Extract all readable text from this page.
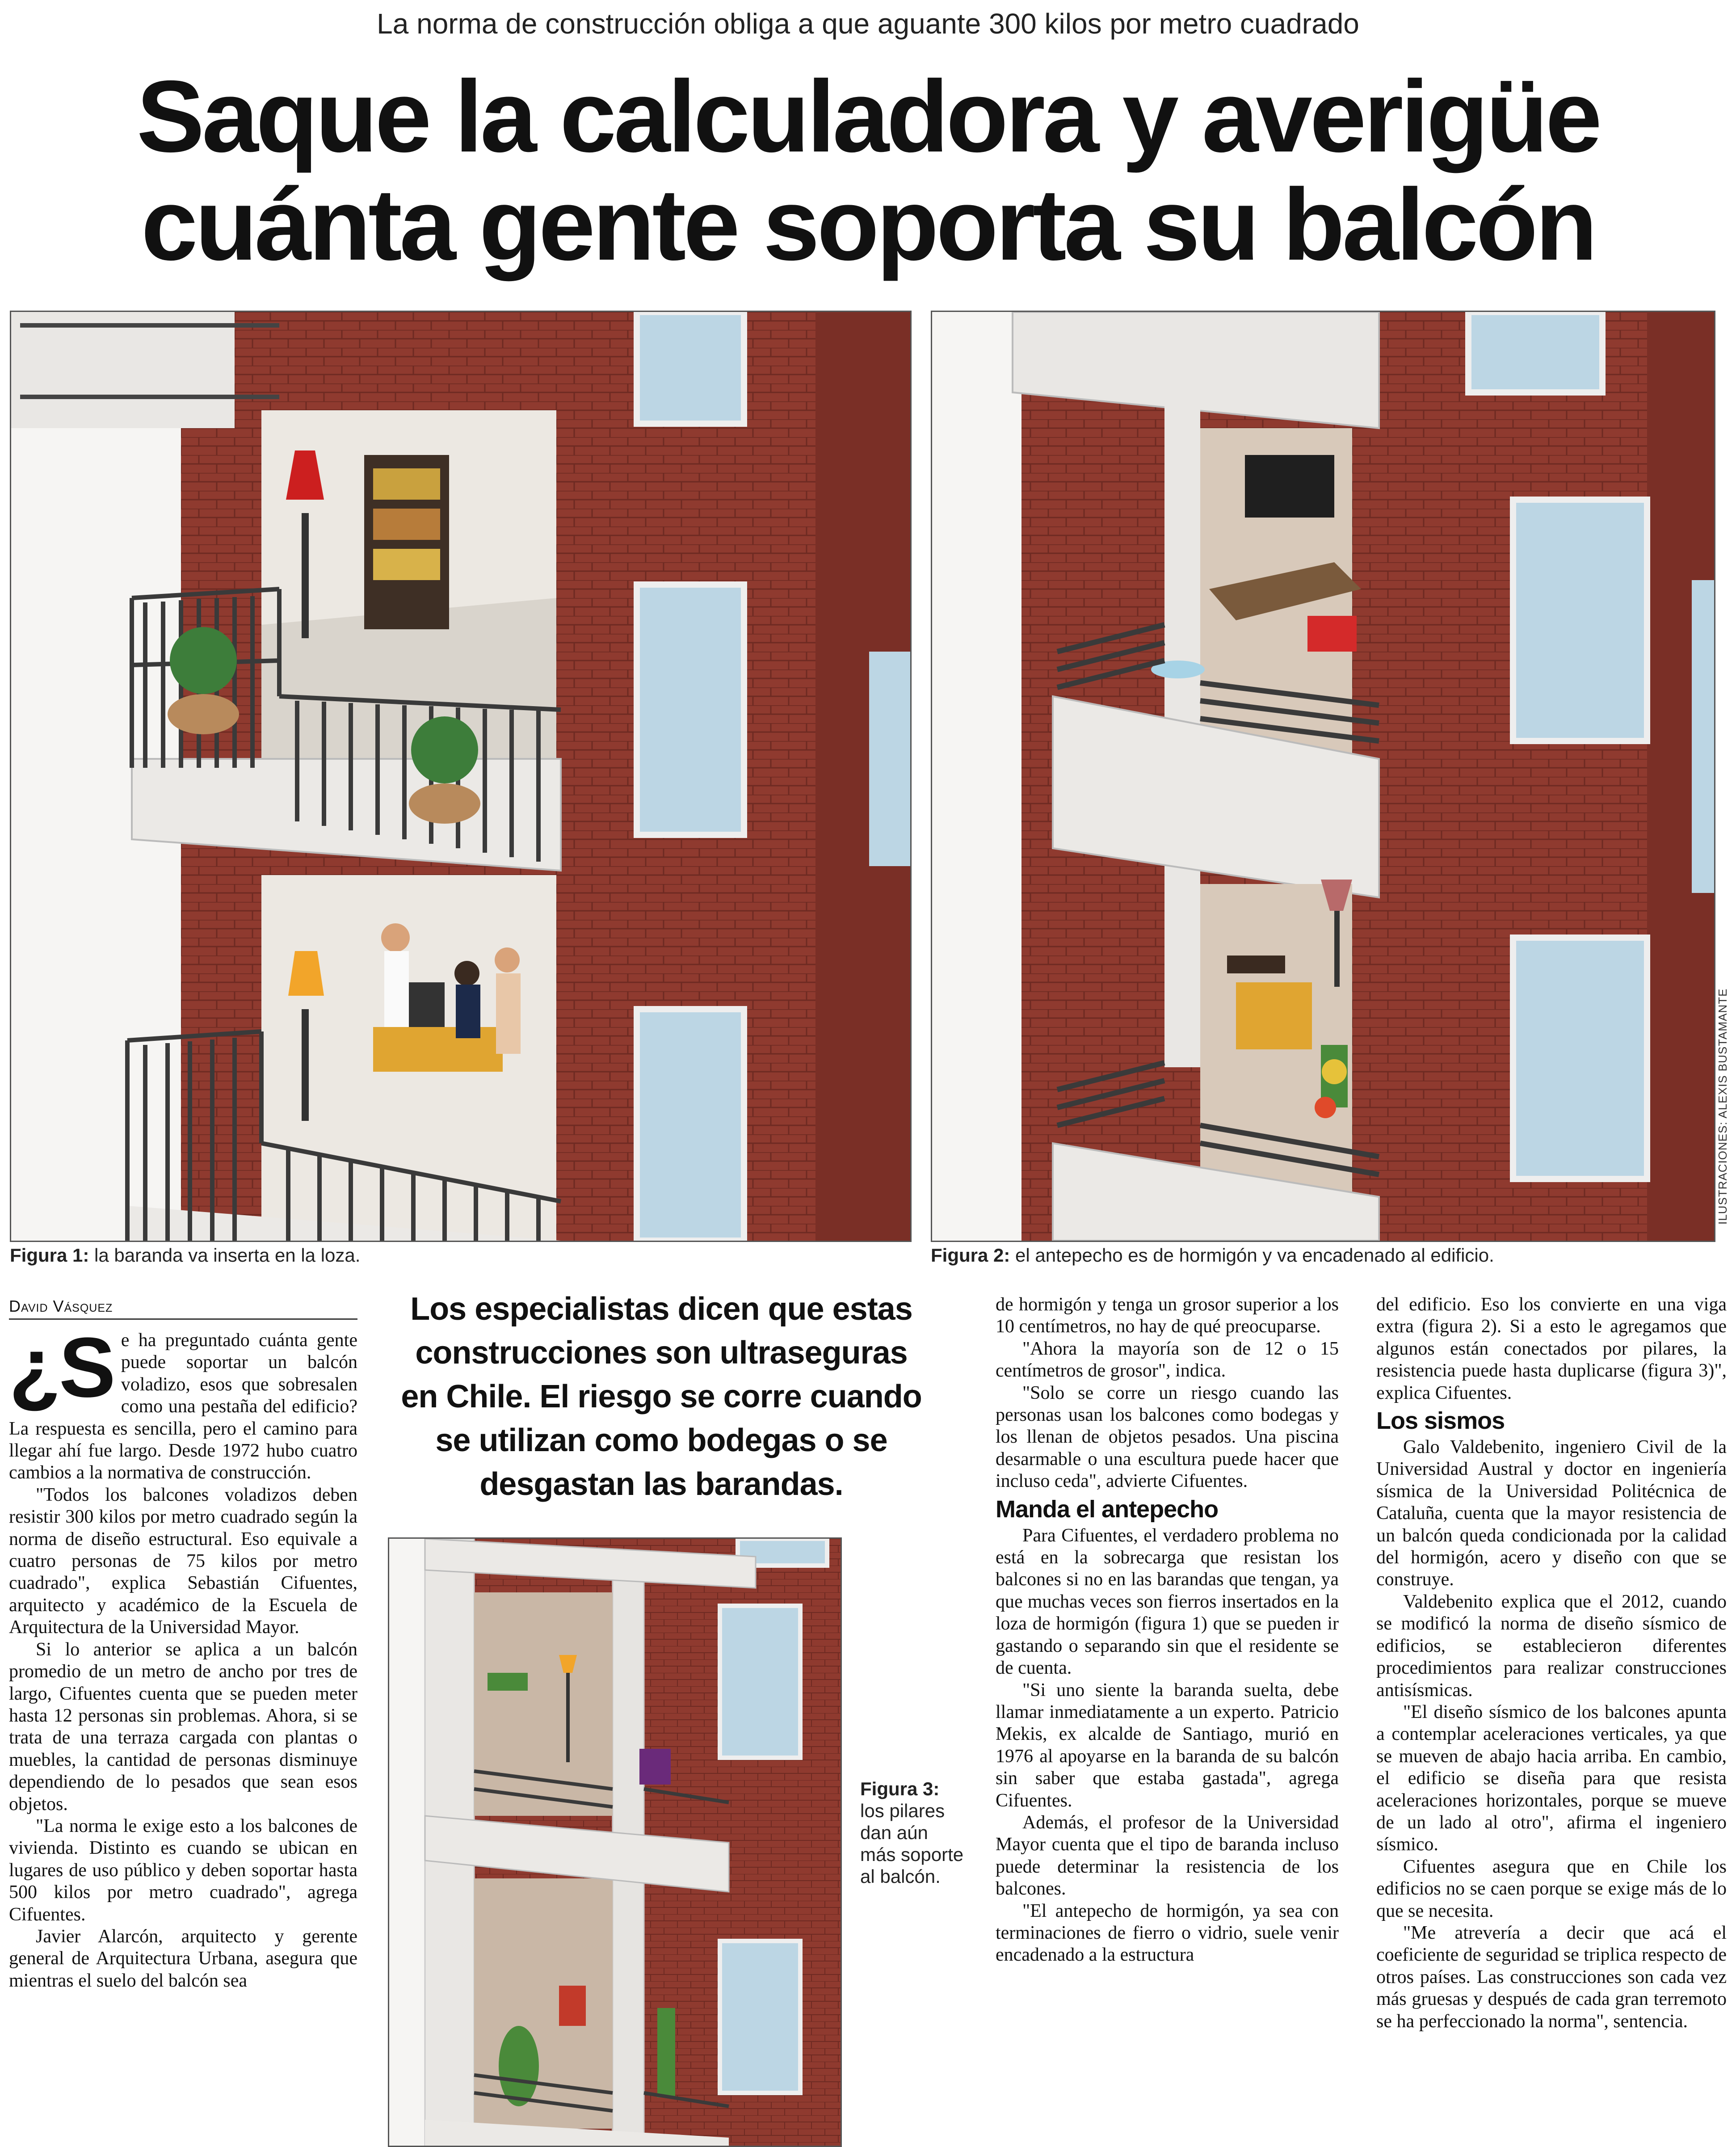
La norma de construcción obliga a que aguante 300 kilos por metro cuadrado
Saque la calculadora y averigüe
cuánta gente soporta su balcón
Figura 1: la baranda va inserta en la loza.	Figura 2: el antepecho es de hormigón y va encadenado al edificio.
ILUSTRACIONES: ALEXIS BUSTAMANTE
David Vásquez
¿S e ha preguntado cuánta gente puede soportar un balcón voladizo, esos que sobresalen como una pestaña del edificio? La respuesta es sencilla, pero el camino para llegar ahí fue largo. Desde 1972 hubo cuatro cambios a la normativa de construcción.

"Todos los balcones voladizos deben resistir 300 kilos por metro cuadrado según la norma de diseño estructural. Eso equivale a cuatro personas de 75 kilos por metro cuadrado", explica Sebastián Cifuentes, arquitecto y académico de la Escuela de Arquitectura de la Universidad Mayor.

Si lo anterior se aplica a un balcón promedio de un metro de ancho por tres de largo, Cifuentes cuenta que se pueden meter hasta 12 personas sin problemas. Ahora, si se trata de una terraza cargada con plantas o muebles, la cantidad de personas disminuye dependiendo de lo pesados que sean esos objetos.

"La norma le exige esto a los balcones de vivienda. Distinto es cuando se ubican en lugares de uso público y deben soportar hasta 500 kilos por metro cuadrado", agrega Cifuentes.

Javier Alarcón, arquitecto y gerente general de Arquitectura Urbana, asegura que mientras el suelo del balcón sea

Los especialistas dicen que estas construcciones son ultraseguras en Chile. El riesgo se corre cuando se utilizan como bodegas o se desgastan las barandas.
Figura 3:
los pilares dan aún más soporte al balcón.

de hormigón y tenga un grosor superior a los 10 centímetros, no hay de qué preocuparse.

"Ahora la mayoría son de 12 o 15 centímetros de grosor", indica.

"Solo se corre un riesgo cuando las personas usan los balcones como bodegas y los llenan de objetos pesados. Una piscina desarmable o una escultura puede hacer que incluso ceda", advierte Cifuentes.

Manda el antepecho

Para Cifuentes, el verdadero problema no está en la sobrecarga que resistan los balcones si no en las barandas que tengan, ya que muchas veces son fierros insertados en la loza de hormigón (figura 1) que se pueden ir gastando o separando sin que el residente se de cuenta.

"Si uno siente la baranda suelta, debe llamar inmediatamente a un experto. Patricio Mekis, ex alcalde de Santiago, murió en 1976 al apoyarse en la baranda de su balcón sin saber que estaba gastada", agrega Cifuentes.

Además, el profesor de la Universidad Mayor cuenta que el tipo de baranda incluso puede determinar la resistencia de los balcones.

"El antepecho de hormigón, ya sea con terminaciones de fierro o vidrio, suele venir encadenado a la estructura

del edificio. Eso los convierte en una viga extra (figura 2). Si a esto le agregamos que algunos están conectados por pilares, la resistencia puede hasta duplicarse (figura 3)", explica Cifuentes.

Los sismos

Galo Valdebenito, ingeniero Civil de la Universidad Austral y doctor en ingeniería sísmica de la Universidad Politécnica de Cataluña, cuenta que la mayor resistencia de un balcón queda condicionada por la calidad del hormigón, acero y diseño con que se construye.

Valdebenito explica que el 2012, cuando se modificó la norma de diseño sísmico de edificios, se establecieron diferentes procedimientos para realizar construcciones antisísmicas.

"El diseño sísmico de los balcones apunta a contemplar aceleraciones verticales, ya que se mueven de abajo hacia arriba. En cambio, el edificio se diseña para que resista aceleraciones horizontales, porque se mueve de un lado al otro", afirma el ingeniero sísmico.

Cifuentes asegura que en Chile los edificios no se caen porque se exige más de lo que se necesita.

"Me atrevería a decir que acá el coeficiente de seguridad se triplica respecto de otros países. Las construcciones son cada vez más gruesas y después de cada gran terremoto se ha perfeccionado la norma", sentencia.
